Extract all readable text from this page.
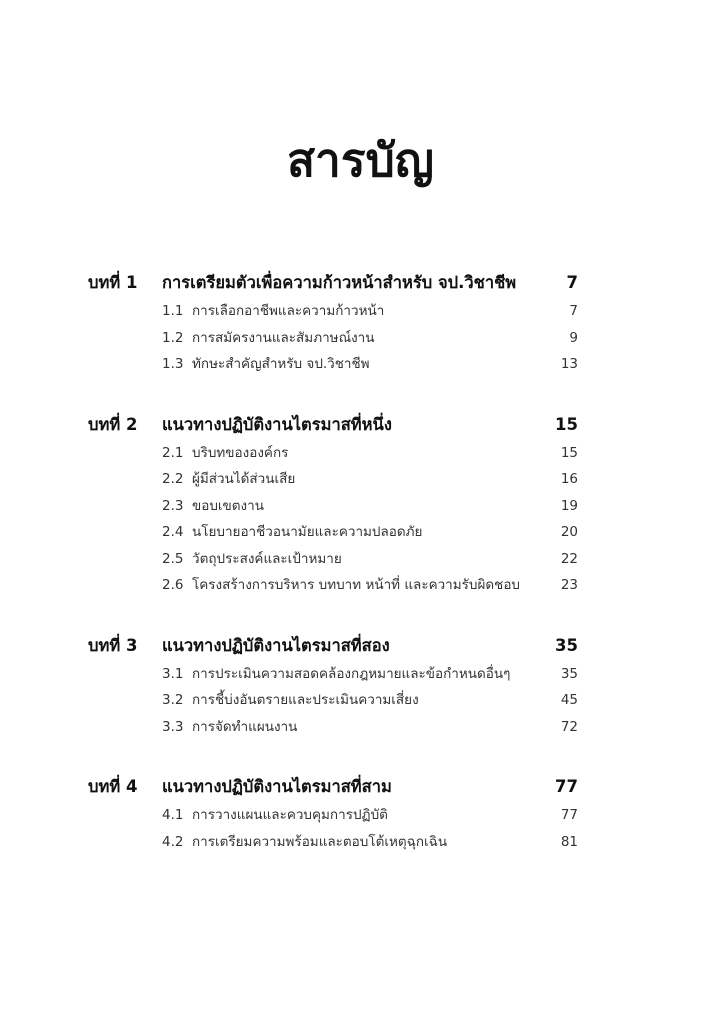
สารบัญ
บทที่ 1	การเตรียมตัวเพื่อความก้าวหน้าสำหรับ จป.วิชาชีพ	7
1.1 การเลือกอาชีพและความก้าวหน้า	7
1.2 การสมัครงานและสัมภาษณ์งาน	9
1.3 ทักษะสำคัญสำหรับ จป.วิชาชีพ	13
บทที่ 2	แนวทางปฏิบัติงานไตรมาสที่หนึ่ง	15
2.1 บริบทขององค์กร	15
2.2 ผู้มีส่วนได้ส่วนเสีย	16
2.3 ขอบเขตงาน	19
2.4 นโยบายอาชีวอนามัยและความปลอดภัย	20
2.5 วัตถุประสงค์และเป้าหมาย	22
2.6 โครงสร้างการบริหาร บทบาท หน้าที่ และความรับผิดชอบ	23
บทที่ 3	แนวทางปฏิบัติงานไตรมาสที่สอง	35
3.1 การประเมินความสอดคล้องกฎหมายและข้อกำหนดอื่นๆ	35
3.2 การชี้บ่งอันตรายและประเมินความเสี่ยง	45
3.3 การจัดทำแผนงาน	72
บทที่ 4	แนวทางปฏิบัติงานไตรมาสที่สาม	77
4.1 การวางแผนและควบคุมการปฏิบัติ	77
4.2 การเตรียมความพร้อมและตอบโต้เหตุฉุกเฉิน	81
